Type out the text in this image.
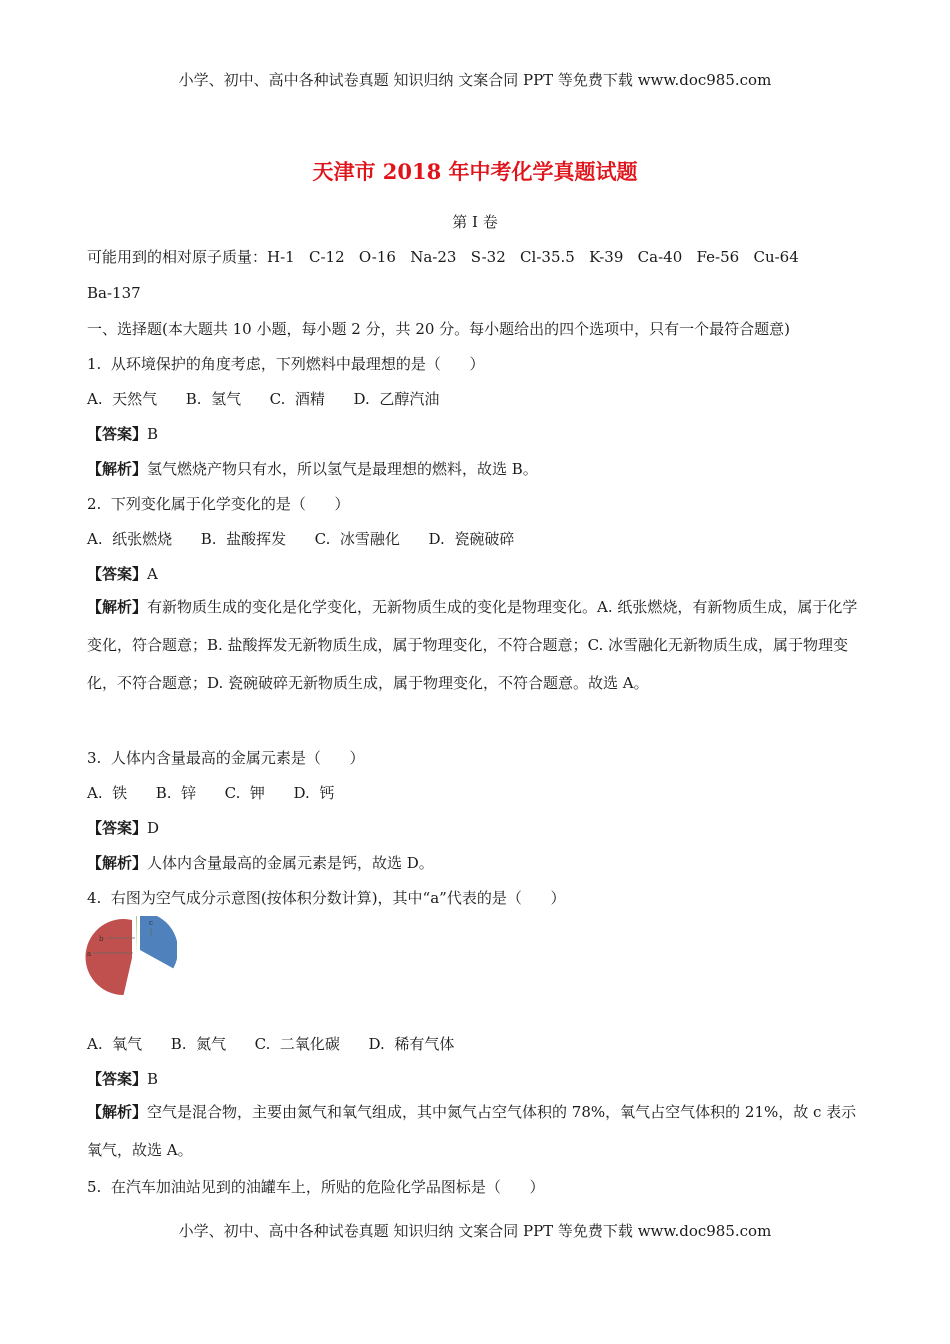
小学、初中、高中各种试卷真题 知识归纳 文案合同 PPT 等免费下载 www.doc985.com
天津市 2018 年中考化学真题试题
第 I 卷
可能用到的相对原子质量：H-1   C-12   O-16   Na-23   S-32   Cl-35.5   K-39   Ca-40   Fe-56   Cu-64
Ba-137
一、选择题(本大题共 10 小题，每小题 2 分，共 20 分。每小题给出的四个选项中，只有一个最符合题意)
1.  从环境保护的角度考虑，下列燃料中最理想的是（      ）
A.  天然气      B.  氢气      C.  酒精      D.  乙醇汽油
【答案】B
【解析】氢气燃烧产物只有水，所以氢气是最理想的燃料，故选 B。
2.  下列变化属于化学变化的是（      ）
A.  纸张燃烧      B.  盐酸挥发      C.  冰雪融化      D.  瓷碗破碎
【答案】A

【解析】有新物质生成的变化是化学变化，无新物质生成的变化是物理变化。A. 纸张燃烧，有新物质生成，属于化学变化，符合题意；B. 盐酸挥发无新物质生成，属于物理变化，不符合题意；C. 冰雪融化无新物质生成，属于物理变化，不符合题意；D. 瓷碗破碎无新物质生成，属于物理变化，不符合题意。故选 A。

3.  人体内含量最高的金属元素是（      ）
A.  铁      B.  锌      C.  钾      D.  钙
【答案】D
【解析】人体内含量最高的金属元素是钙，故选 D。
4.  右图为空气成分示意图(按体积分数计算)，其中“a”代表的是（      ）
a
b
c
A.  氧气      B.  氮气      C.  二氧化碳      D.  稀有气体
【答案】B

【解析】空气是混合物，主要由氮气和氧气组成，其中氮气占空气体积的 78%，氧气占空气体积的 21%，故 c 表示氧气，故选 A。

5.  在汽车加油站见到的油罐车上，所贴的危险化学品图标是（      ）
小学、初中、高中各种试卷真题 知识归纳 文案合同 PPT 等免费下载 www.doc985.com
